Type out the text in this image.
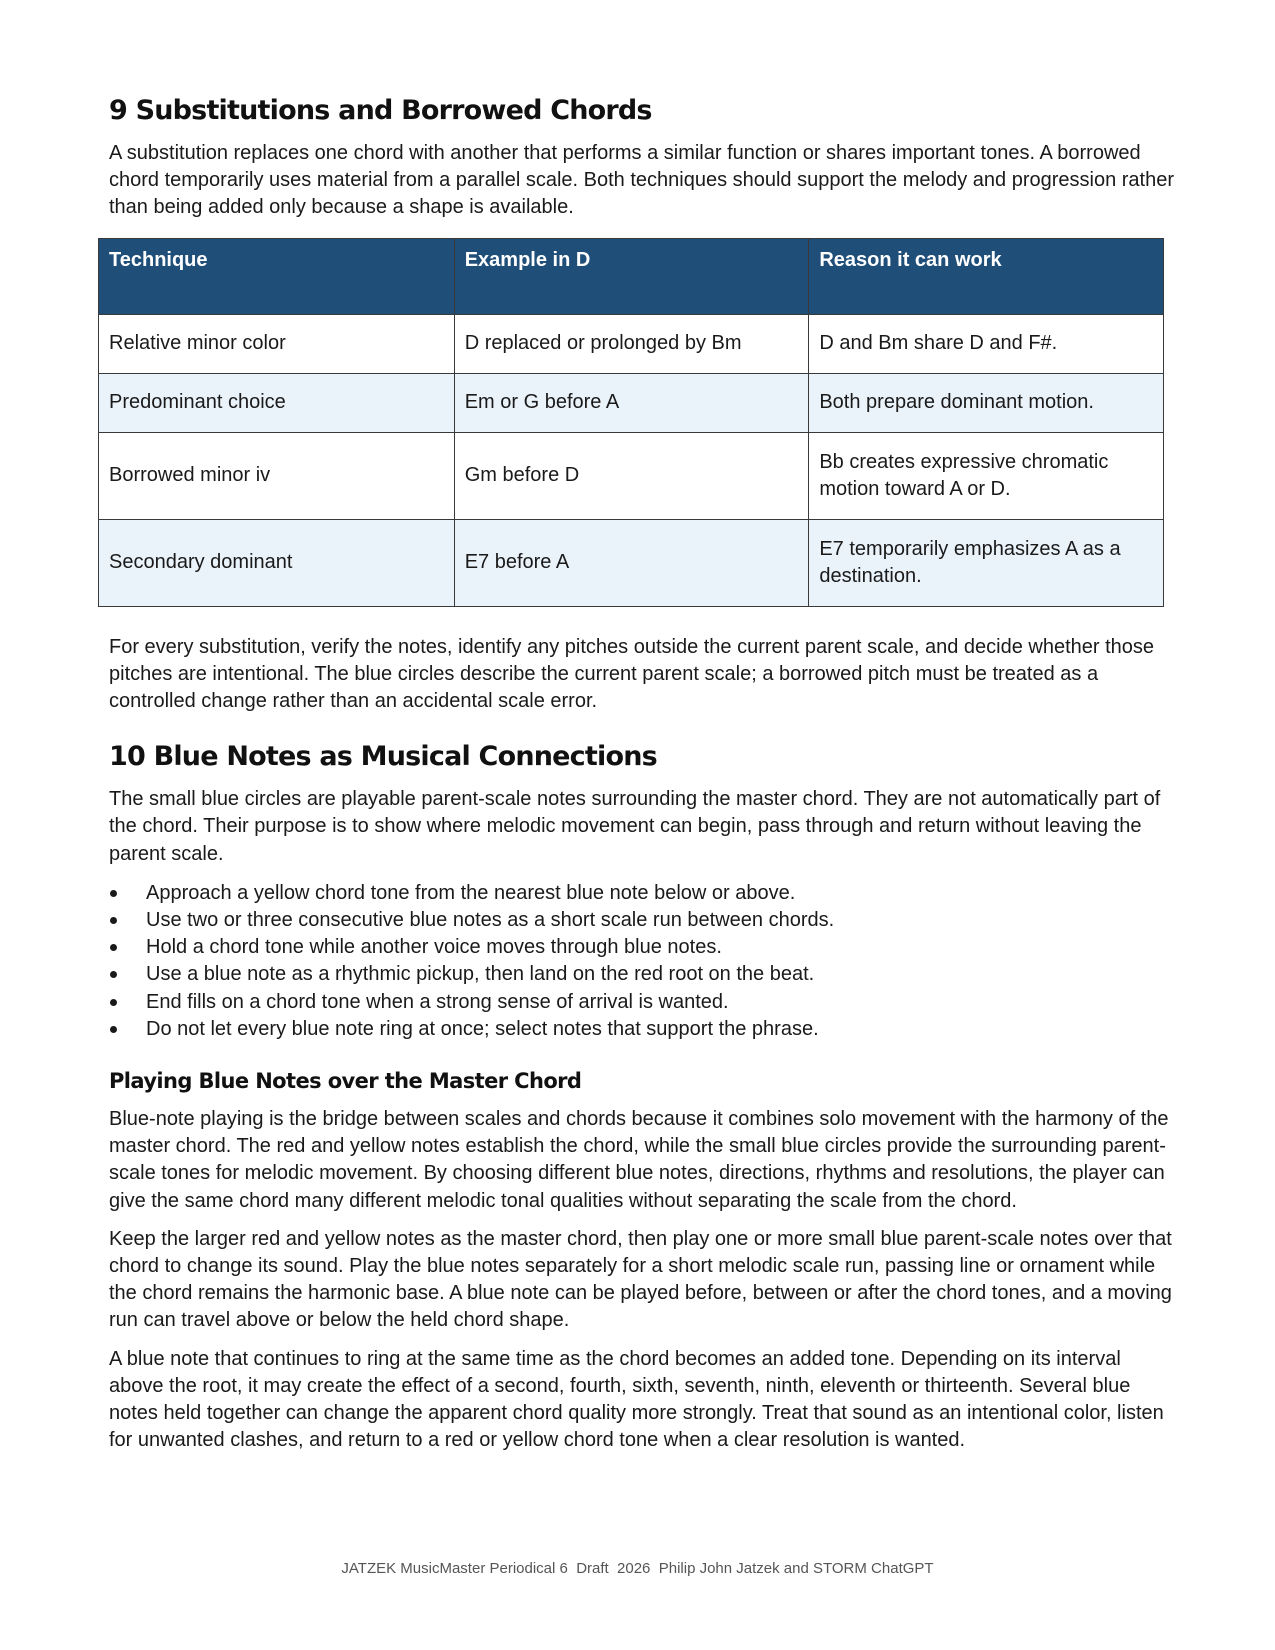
9 Substitutions and Borrowed Chords

A substitution replaces one chord with another that performs a similar function or shares important tones. A borrowed chord temporarily uses material from a parallel scale. Both techniques should support the melody and progression rather than being added only because a shape is available.

Technique	Example in D	Reason it can work

Relative minor color	D replaced or prolonged by Bm	D and Bm share D and F#.
Predominant choice	Em or G before A	Both prepare dominant motion.
Borrowed minor iv	Gm before D	Bb creates expressive chromatic motion toward A or D.
Secondary dominant	E7 before A	E7 temporarily emphasizes A as a destination.

For every substitution, verify the notes, identify any pitches outside the current parent scale, and decide whether those pitches are intentional. The blue circles describe the current parent scale; a borrowed pitch must be treated as a controlled change rather than an accidental scale error.

10 Blue Notes as Musical Connections

The small blue circles are playable parent-scale notes surrounding the master chord. They are not automatically part of the chord. Their purpose is to show where melodic movement can begin, pass through and return without leaving the parent scale.

Approach a yellow chord tone from the nearest blue note below or above.
Use two or three consecutive blue notes as a short scale run between chords.
Hold a chord tone while another voice moves through blue notes.
Use a blue note as a rhythmic pickup, then land on the red root on the beat.
End fills on a chord tone when a strong sense of arrival is wanted.
Do not let every blue note ring at once; select notes that support the phrase.
Playing Blue Notes over the Master Chord

Blue-note playing is the bridge between scales and chords because it combines solo movement with the harmony of the master chord. The red and yellow notes establish the chord, while the small blue circles provide the surrounding parent-scale tones for melodic movement. By choosing different blue notes, directions, rhythms and resolutions, the player can give the same chord many different melodic tonal qualities without separating the scale from the chord.

Keep the larger red and yellow notes as the master chord, then play one or more small blue parent-scale notes over that chord to change its sound. Play the blue notes separately for a short melodic scale run, passing line or ornament while the chord remains the harmonic base. A blue note can be played before, between or after the chord tones, and a moving run can travel above or below the held chord shape.

A blue note that continues to ring at the same time as the chord becomes an added tone. Depending on its interval above the root, it may create the effect of a second, fourth, sixth, seventh, ninth, eleventh or thirteenth. Several blue notes held together can change the apparent chord quality more strongly. Treat that sound as an intentional color, listen for unwanted clashes, and return to a red or yellow chord tone when a clear resolution is wanted.

JATZEK MusicMaster Periodical 6  Draft  2026  Philip John Jatzek and STORM ChatGPT
